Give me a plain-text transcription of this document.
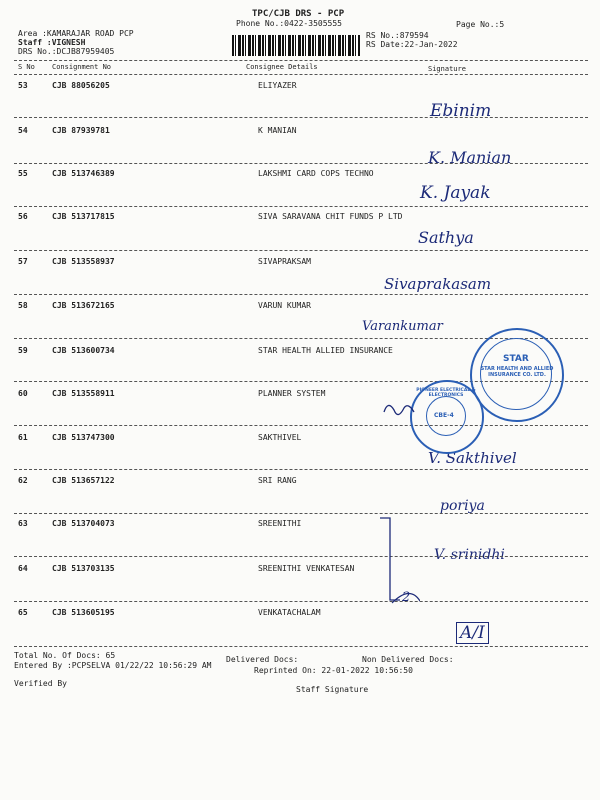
TPC/CJB DRS - PCP
Phone No.:0422-3505555	Page No.:5
Area :KAMARAJAR ROAD PCP
Staff :VIGNESH
DRS No.:DCJB87959405
RS No.:879594
RS Date:22-Jan-2022
S No Consignment No	Consignee Details	Signature
53	CJB 88056205	ELIYAZER
Ebinim
54	CJB 87939781	K MANIAN
K. Manian
55	CJB 513746389	LAKSHMI CARD COPS TECHNO
K. Jayak
56	CJB 513717815	SIVA SARAVANA CHIT FUNDS P LTD
Sathya
57	CJB 513558937	SIVAPRAKSAM
Sivaprakasam
58	CJB 513672165	VARUN KUMAR
Varankumar
59	CJB 513600734	STAR HEALTH ALLIED INSURANCE
60	CJB 513558911	PLANNER SYSTEM
61	CJB 513747300	SAKTHIVEL
V. Sakthivel
62	CJB 513657122	SRI RANG
poriya
63	CJB 513704073	SREENITHI
V. srinidhi
64	CJB 513703135	SREENITHI VENKATESAN
2
65	CJB 513605195	VENKATACHALAM
A/I
STAR HEALTH AND ALLIED INSURANCE CO. LTD.
STAR
PIONEER ELECTRICAL & ELECTRONICS
CBE-4
Total No. Of Docs: 65	Delivered Docs:	Non Delivered Docs:
Entered By :PCPSELVA 01/22/22 10:56:29 AM
Reprinted On: 22-01-2022 10:56:50
Verified By
Staff Signature
